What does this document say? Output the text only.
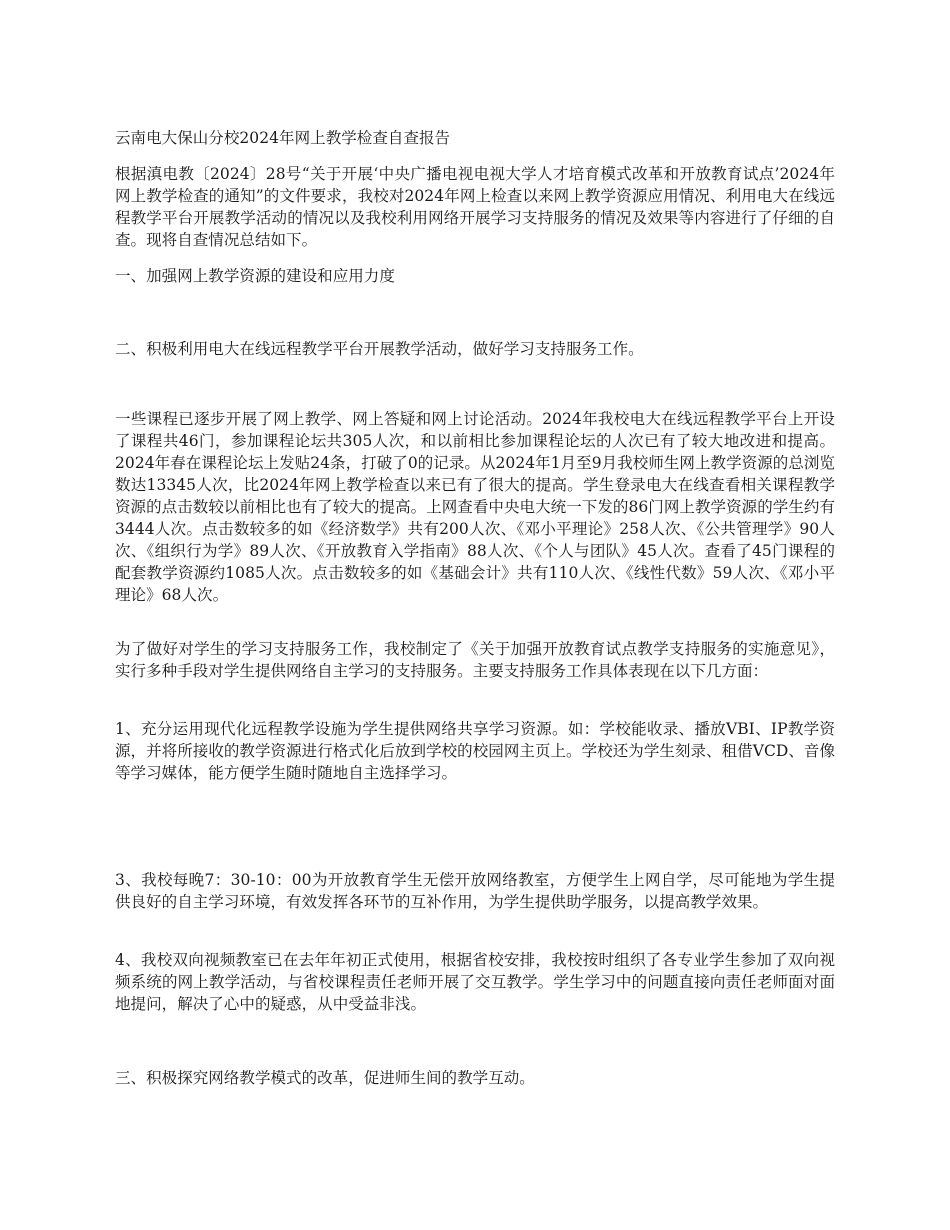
云南电大保山分校2024年网上教学检查自查报告

根据滇电教〔2024〕28号“关于开展‘中央广播电视电视大学人才培育模式改革和开放教育试点’2024年网上教学检查的通知”的文件要求，我校对2024年网上检查以来网上教学资源应用情况、利用电大在线远程教学平台开展教学活动的情况以及我校利用网络开展学习支持服务的情况及效果等内容进行了仔细的自查。现将自查情况总结如下。

一、加强网上教学资源的建设和应用力度

二、积极利用电大在线远程教学平台开展教学活动，做好学习支持服务工作。

一些课程已逐步开展了网上教学、网上答疑和网上讨论活动。2024年我校电大在线远程教学平台上开设了课程共46门，参加课程论坛共305人次，和以前相比参加课程论坛的人次已有了较大地改进和提高。2024年春在课程论坛上发贴24条，打破了0的记录。从2024年1月至9月我校师生网上教学资源的总浏览数达13345人次，比2024年网上教学检查以来已有了很大的提高。学生登录电大在线查看相关课程教学资源的点击数较以前相比也有了较大的提高。上网查看中央电大统一下发的86门网上教学资源的学生约有3444人次。点击数较多的如《经济数学》共有200人次、《邓小平理论》258人次、《公共管理学》90人次、《组织行为学》89人次、《开放教育入学指南》88人次、《个人与团队》45人次。查看了45门课程的配套教学资源约1085人次。点击数较多的如《基础会计》共有110人次、《线性代数》59人次、《邓小平理论》68人次。

为了做好对学生的学习支持服务工作，我校制定了《关于加强开放教育试点教学支持服务的实施意见》，实行多种手段对学生提供网络自主学习的支持服务。主要支持服务工作具体表现在以下几方面：

1、充分运用现代化远程教学设施为学生提供网络共享学习资源。如：学校能收录、播放VBI、IP教学资源，并将所接收的教学资源进行格式化后放到学校的校园网主页上。学校还为学生刻录、租借VCD、音像等学习媒体，能方便学生随时随地自主选择学习。

3、我校每晚7：30-10：00为开放教育学生无偿开放网络教室，方便学生上网自学，尽可能地为学生提供良好的自主学习环境，有效发挥各环节的互补作用，为学生提供助学服务，以提高教学效果。

4、我校双向视频教室已在去年年初正式使用，根据省校安排，我校按时组织了各专业学生参加了双向视频系统的网上教学活动，与省校课程责任老师开展了交互教学。学生学习中的问题直接向责任老师面对面地提问，解决了心中的疑惑，从中受益非浅。

三、积极探究网络教学模式的改革，促进师生间的教学互动。
